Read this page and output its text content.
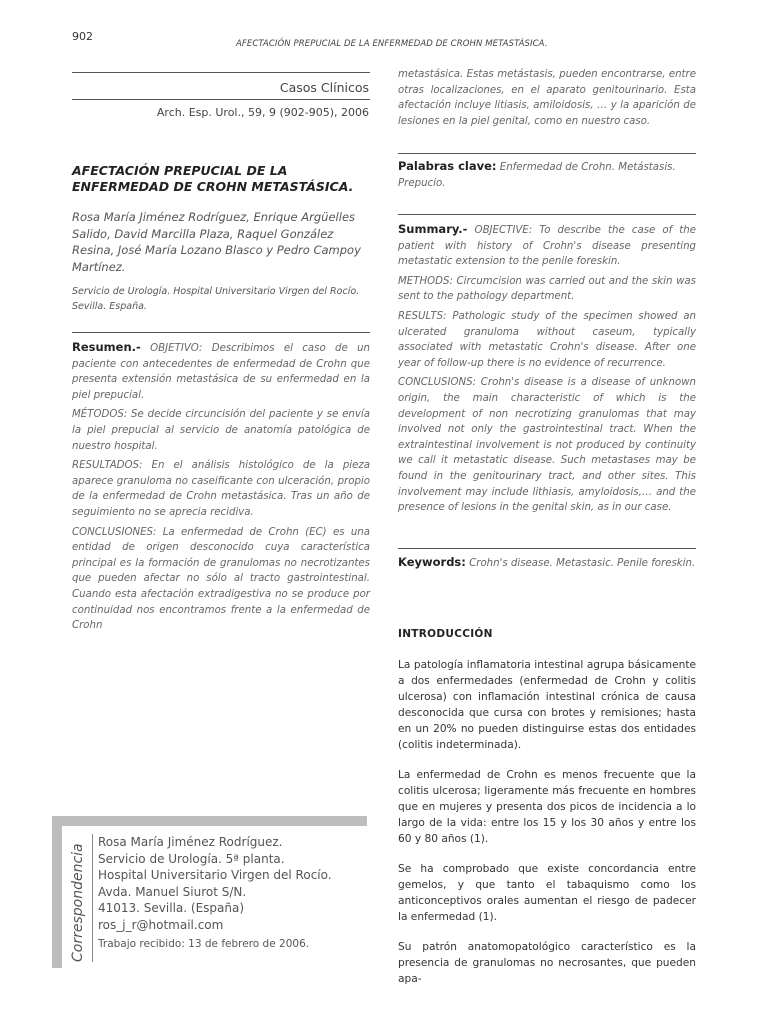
902
AFECTACIÓN PREPUCIAL DE LA ENFERMEDAD DE CROHN METASTÁSICA.
Casos Clínicos
Arch. Esp. Urol., 59, 9 (902-905), 2006
AFECTACIÓN PREPUCIAL DE LA ENFERMEDAD DE CROHN METASTÁSICA.
Rosa María Jiménez Rodríguez, Enrique Argüelles Salido, David Marcilla Plaza, Raquel González Resina, José María Lozano Blasco y Pedro Campoy Martínez.
Servicio de Urología. Hospital Universitario Virgen del Rocío. Sevilla. España.

Resumen.- OBJETIVO: Describimos el caso de un paciente con antecedentes de enfermedad de Crohn que presenta extensión metastásica de su enfermedad en la piel prepucial.

MÉTODOS: Se decide circuncisión del paciente y se envía la piel prepucial al servicio de anatomía patológica de nuestro hospital.

RESULTADOS: En el análisis histológico de la pieza aparece granuloma no caseificante con ulceración, propio de la enfermedad de Crohn metastásica. Tras un año de seguimiento no se aprecia recidiva.

CONCLUSIONES: La enfermedad de Crohn (EC) es una entidad de origen desconocido cuya característica principal es la formación de granulomas no necrotizantes que pueden afectar no sólo al tracto gastrointestinal. Cuando esta afectación extradigestiva no se produce por continuidad nos encontramos frente a la enfermedad de Crohn

metastásica. Estas metástasis, pueden encontrarse, entre otras localizaciones, en el aparato genitourinario. Esta afectación incluye litiasis, amiloidosis, … y la aparición de lesiones en la piel genital, como en nuestro caso.

Palabras clave: Enfermedad de Crohn. Metástasis. Prepucio.

Summary.- OBJECTIVE: To describe the case of the patient with history of Crohn's disease presenting metastatic extension to the penile foreskin.

METHODS: Circumcision was carried out and the skin was sent to the pathology department.

RESULTS: Pathologic study of the specimen showed an ulcerated granuloma without caseum, typically associated with metastatic Crohn's disease. After one year of follow-up there is no evidence of recurrence.

CONCLUSIONS: Crohn's disease is a disease of unknown origin, the main characteristic of which is the development of non necrotizing granulomas that may involved not only the gastrointestinal tract. When the extraintestinal involvement is not produced by continuity we call it metastatic disease. Such metastases may be found in the genitourinary tract, and other sites. This involvement may include lithiasis, amyloidosis,… and the presence of lesions in the genital skin, as in our case.

Keywords: Crohn's disease. Metastasic. Penile foreskin.
INTRODUCCIÓN

La patología inflamatoria intestinal agrupa básicamente a dos enfermedades (enfermedad de Crohn y colitis ulcerosa) con inflamación intestinal crónica de causa desconocida que cursa con brotes y remisiones; hasta en un 20% no pueden distinguirse estas dos entidades (colitis indeterminada).

La enfermedad de Crohn es menos frecuente que la colitis ulcerosa; ligeramente más frecuente en hombres que en mujeres y presenta dos picos de incidencia a lo largo de la vida: entre los 15 y los 30 años y entre los 60 y 80 años (1).

Se ha comprobado que existe concordancia entre gemelos, y que tanto el tabaquismo como los anticonceptivos orales aumentan el riesgo de padecer la enfermedad (1).

Su patrón anatomopatológico característico es la presencia de granulomas no necrosantes, que pueden apa-

Correspondencia
Rosa María Jiménez Rodríguez.
Servicio de Urología. 5ª planta.
Hospital Universitario Virgen del Rocío.
Avda. Manuel Siurot S/N.
41013. Sevilla. (España)
ros_j_r@hotmail.com
Trabajo recibido: 13 de febrero de 2006.
